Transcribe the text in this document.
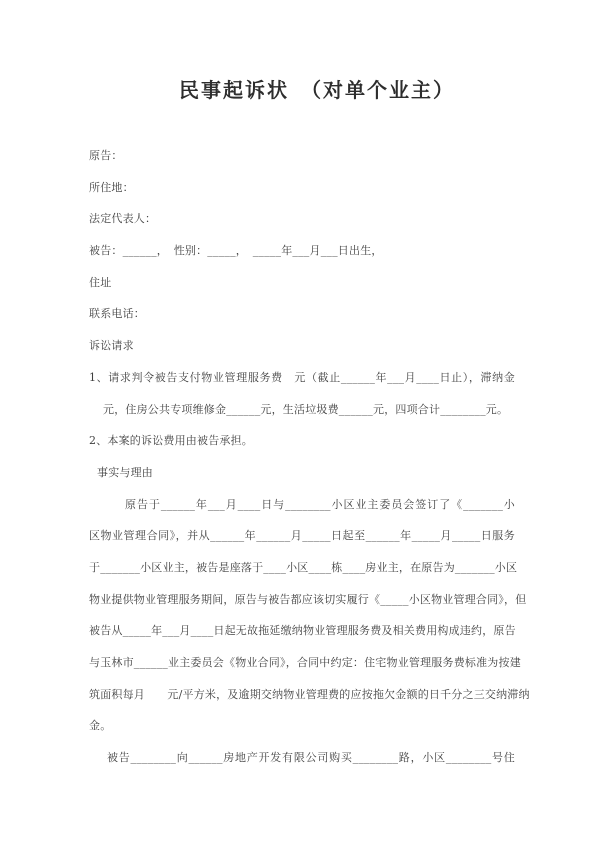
民事起诉状　（对单个业主）
原告：
所住地：
法定代表人：
被告：______，　性别：_____，　_____年___月___日出生，
住址
联系电话：
诉讼请求
1、请求判令被告支付物业管理服务费　元（截止______年___月____日止），滞纳金
元，住房公共专项维修金______元，生活垃圾费______元，四项合计________元。
2、本案的诉讼费用由被告承担。
事实与理由
原告于______年___月____日与________小区业主委员会签订了《_______小
区物业管理合同》，并从______年______月_____日起至______年_____月_____日服务
于_______小区业主，被告是座落于____小区____栋____房业主，在原告为_______小区
物业提供物业管理服务期间，原告与被告都应该切实履行《_____小区物业管理合同》，但
被告从_____年___月____日起无故拖延缴纳物业管理服务费及相关费用构成违约，原告
与玉林市______业主委员会《物业合同》，合同中约定：住宅物业管理服务费标准为按建
筑面积每月　　元/平方米，及逾期交纳物业管理费的应按拖欠金额的日千分之三交纳滞纳
金。
被告________向______房地产开发有限公司购买________路，小区________号住
